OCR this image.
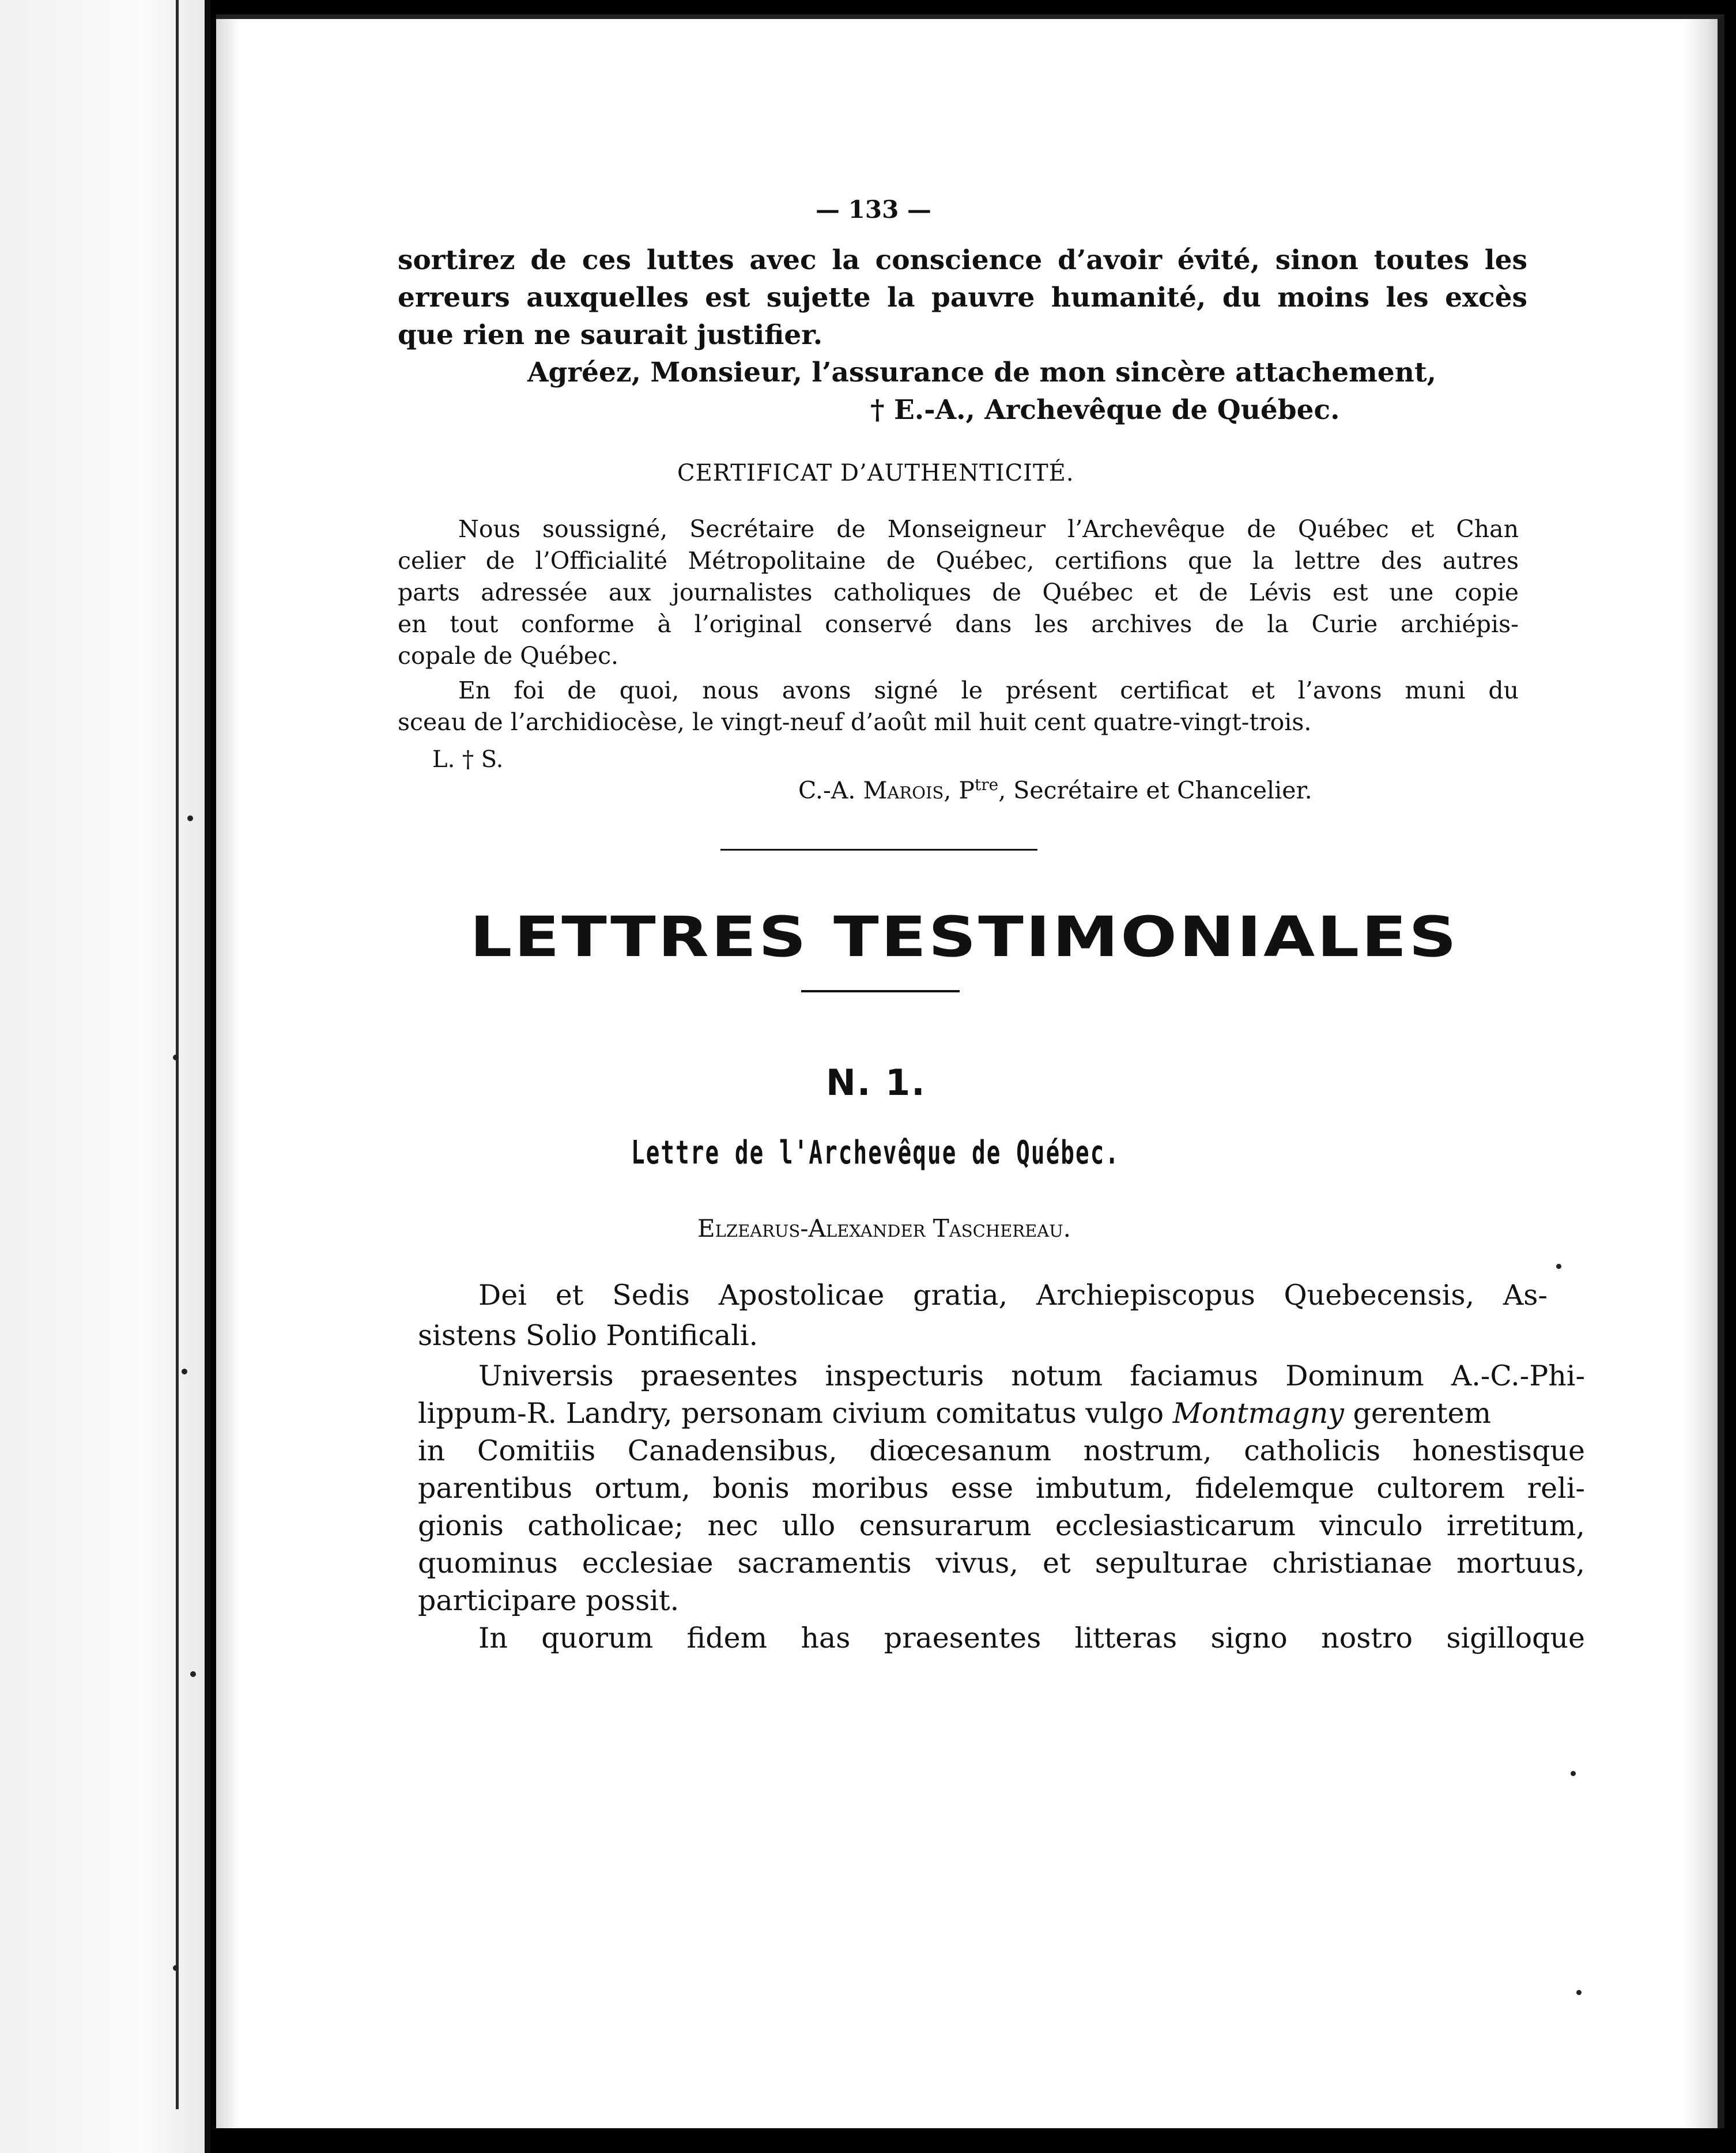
— 133 —
sortirez de ces luttes avec la conscience d’avoir évité, sinon toutes les
erreurs auxquelles est sujette la pauvre humanité, du moins les excès
que rien ne saurait justifier.
Agréez, Monsieur, l’assurance de mon sincère attachement,
† E.-A., Archevêque de Québec.
CERTIFICAT D’AUTHENTICITÉ.
Nous soussigné, Secrétaire de Monseigneur l’Archevêque de Québec et Chan
celier de l’Officialité Métropolitaine de Québec, certifions que la lettre des autres
parts adressée aux journalistes catholiques de Québec et de Lévis est une copie
en tout conforme à l’original conservé dans les archives de la Curie archiépis-
copale de Québec.
En foi de quoi, nous avons signé le présent certificat et l’avons muni du
sceau de l’archidiocèse, le vingt-neuf d’août mil huit cent quatre-vingt-trois.
L. † S.
C.-A. Marois, $P^{tre}$, Secrétaire et Chancelier.
LETTRES TESTIMONIALES
N. 1.
Lettre de l'Archevêque de Québec.
Elzearus-Alexander Taschereau.
Dei et Sedis Apostolicae gratia, Archiepiscopus Quebecensis, As-
sistens Solio Pontificali.
Universis praesentes inspecturis notum faciamus Dominum A.-C.-Phi-
lippum-R. Landry, personam civium comitatus vulgo Montmagny gerentem
in Comitiis Canadensibus, diœcesanum nostrum, catholicis honestisque
parentibus ortum, bonis moribus esse imbutum, fidelemque cultorem reli-
gionis catholicae; nec ullo censurarum ecclesiasticarum vinculo irretitum,
quominus ecclesiae sacramentis vivus, et sepulturae christianae mortuus,
participare possit.
In quorum fidem has praesentes litteras signo nostro sigilloque
